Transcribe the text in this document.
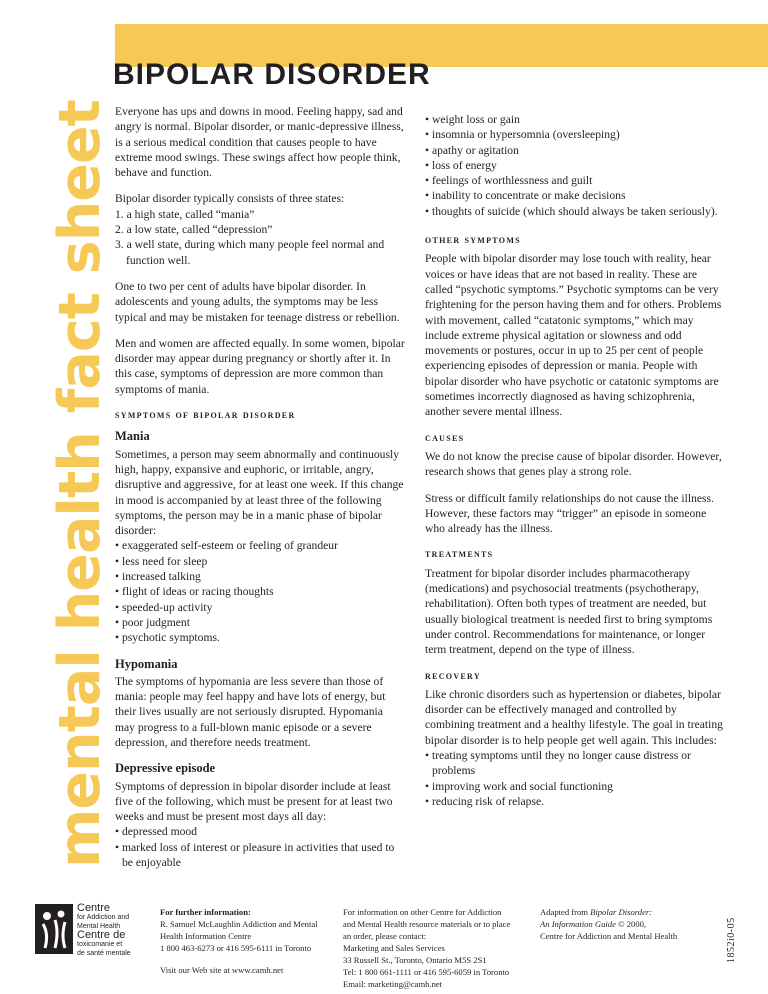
BIPOLAR DISORDER
mental health fact sheet Everyone has ups and downs in mood. Feeling happy, sad and angry is normal. Bipolar disorder, or manic-depressive illness, is a serious medical condition that causes people to have extreme mood swings. These swings affect how people think, behave and function.

Bipolar disorder typically consists of three states:
1. a high state, called “mania”
2. a low state, called “depression”
3. a well state, during which many people feel normal and function well.

One to two per cent of adults have bipolar disorder. In adolescents and young adults, the symptoms may be less typical and may be mistaken for teenage distress or rebellion.

Men and women are affected equally. In some women, bipolar disorder may appear during pregnancy or shortly after it. In this case, symptoms of depression are more common than symptoms of mania.

symptoms of bipolar disorder
Mania
Sometimes, a person may seem abnormally and continuously high, happy, expansive and euphoric, or irritable, angry, disruptive and aggressive, for at least one week. If this change in mood is accompanied by at least three of the following symptoms, the person may be in a manic phase of bipolar disorder:
• exaggerated self-esteem or feeling of grandeur
• less need for sleep
• increased talking
• flight of ideas or racing thoughts
• speeded-up activity
• poor judgment
• psychotic symptoms.
Hypomania

The symptoms of hypomania are less severe than those of mania: people may feel happy and have lots of energy, but their lives usually are not seriously disrupted. Hypomania may progress to a full-blown manic episode or a severe depression, and therefore needs treatment.

Depressive episode
Symptoms of depression in bipolar disorder include at least five of the following, which must be present for at least two weeks and must be present most days all day:
• depressed mood
• marked loss of interest or pleasure in activities that used to be enjoyable
• weight loss or gain
• insomnia or hypersomnia (oversleeping)
• apathy or agitation
• loss of energy
• feelings of worthlessness and guilt
• inability to concentrate or make decisions
• thoughts of suicide (which should always be taken seriously).
other symptoms

People with bipolar disorder may lose touch with reality, hear voices or have ideas that are not based in reality. These are called “psychotic symptoms.” Psychotic symptoms can be very frightening for the person having them and for others. Problems with movement, called “catatonic symptoms,” which may include extreme physical agitation or slowness and odd movements or postures, occur in up to 25 per cent of people experiencing episodes of depression or mania. People with bipolar disorder who have psychotic or catatonic symptoms are sometimes incorrectly diagnosed as having schizophrenia, another severe mental illness.

causes

We do not know the precise cause of bipolar disorder. However, research shows that genes play a strong role.

Stress or difficult family relationships do not cause the illness. However, these factors may “trigger” an episode in someone who already has the illness.

treatments

Treatment for bipolar disorder includes pharmacotherapy (medications) and psychosocial treatments (psychotherapy, rehabilitation). Often both types of treatment are needed, but usually biological treatment is needed first to bring symptoms under control. Recommendations for maintenance, or longer term treatment, depend on the type of illness.

recovery
Like chronic disorders such as hypertension or diabetes, bipolar disorder can be effectively managed and controlled by combining treatment and a healthy lifestyle. The goal in treating bipolar disorder is to help people get well again. This includes:
• treating symptoms until they no longer cause distress or problems
• improving work and social functioning
• reducing risk of relapse.
Centre
for Addiction and
Mental Health
Centre de
toxicomanie et
de santé mentale
For further information:
R. Samuel McLaughlin Addiction and Mental
Health Information Centre
1 800 463-6273 or 416 595-6111 in Toronto
Visit our Web site at www.camh.net
For information on other Centre for Addiction
and Mental Health resource materials or to place
an order, please contact:
Marketing and Sales Services
33 Russell St., Toronto, Ontario M5S 2S1
Tel: 1 800 661-1111 or 416 595-6059 in Toronto
Email: marketing@camh.net
Adapted from Bipolar Disorder:
An Information Guide © 2000,
Centre for Addiction and Mental Health	1852i0-05
